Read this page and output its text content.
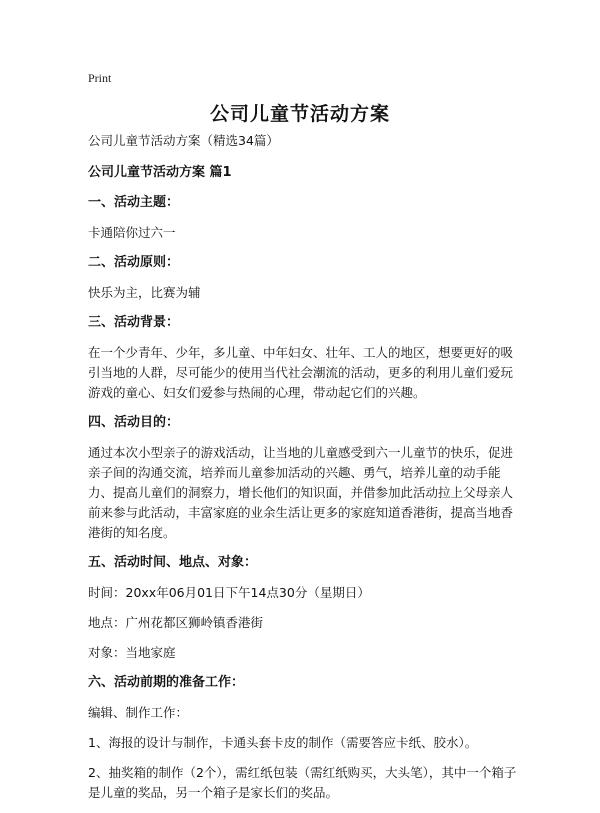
Print
公司儿童节活动方案

公司儿童节活动方案（精选34篇）

公司儿童节活动方案 篇1

一、活动主题：

卡通陪你过六一

二、活动原则：

快乐为主，比赛为辅

三、活动背景：

在一个少青年、少年，多儿童、中年妇女、壮年、工人的地区，想要更好的吸引当地的人群，尽可能少的使用当代社会潮流的活动，更多的利用儿童们爱玩游戏的童心、妇女们爱参与热闹的心理，带动起它们的兴趣。

四、活动目的：

通过本次小型亲子的游戏活动，让当地的儿童感受到六一儿童节的快乐，促进亲子间的沟通交流，培养而儿童参加活动的兴趣、勇气，培养儿童的动手能力、提高儿童们的洞察力，增长他们的知识面，并借参加此活动拉上父母亲人前来参与此活动，丰富家庭的业余生活让更多的家庭知道香港街，提高当地香港街的知名度。

五、活动时间、地点、对象：

时间：20xx年06月01日下午14点30分（星期日）

地点：广州花都区狮岭镇香港街

对象：当地家庭

六、活动前期的准备工作：

编辑、制作工作：

1、海报的设计与制作，卡通头套卡皮的制作（需要答应卡纸、胶水）。

2、抽奖箱的制作（2个），需红纸包装（需红纸购买，大头笔），其中一个箱子是儿童的奖品，另一个箱子是家长们的奖品。
